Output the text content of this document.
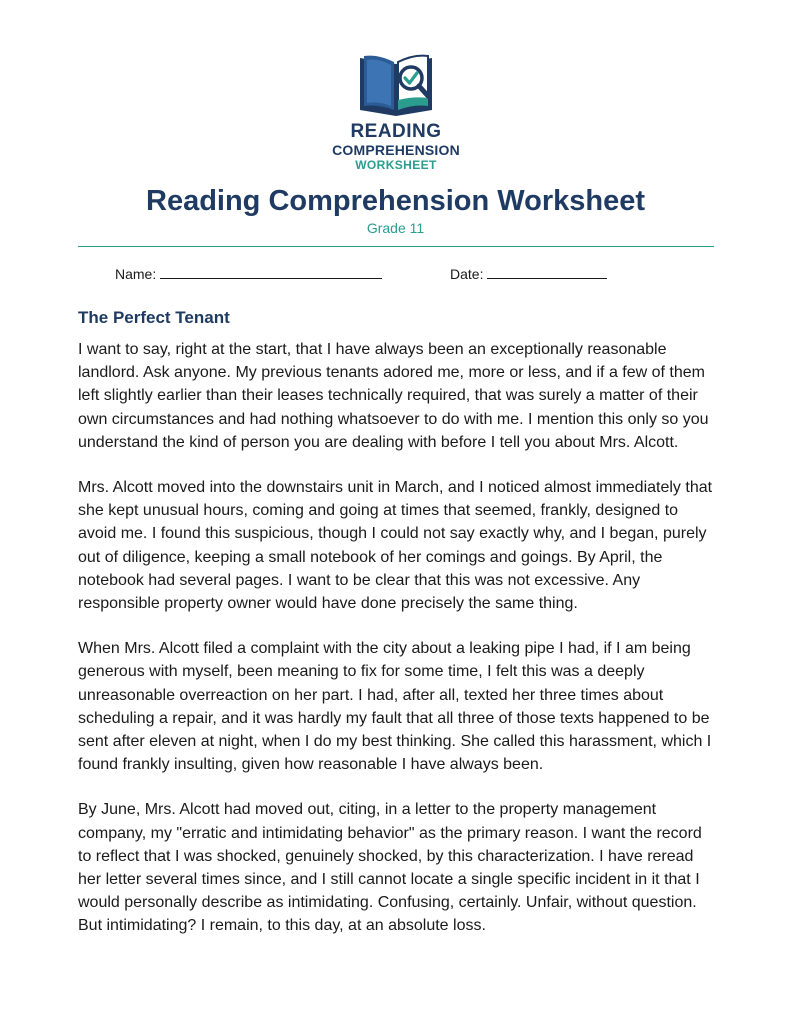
READING
COMPREHENSION
WORKSHEET
Reading Comprehension Worksheet
Grade 11
Name:	Date:
The Perfect Tenant

I want to say, right at the start, that I have always been an exceptionally reasonable landlord. Ask anyone. My previous tenants adored me, more or less, and if a few of them left slightly earlier than their leases technically required, that was surely a matter of their own circumstances and had nothing whatsoever to do with me. I mention this only so you understand the kind of person you are dealing with before I tell you about Mrs. Alcott.

Mrs. Alcott moved into the downstairs unit in March, and I noticed almost immediately that she kept unusual hours, coming and going at times that seemed, frankly, designed to avoid me. I found this suspicious, though I could not say exactly why, and I began, purely out of diligence, keeping a small notebook of her comings and goings. By April, the notebook had several pages. I want to be clear that this was not excessive. Any responsible property owner would have done precisely the same thing.

When Mrs. Alcott filed a complaint with the city about a leaking pipe I had, if I am being generous with myself, been meaning to fix for some time, I felt this was a deeply unreasonable overreaction on her part. I had, after all, texted her three times about scheduling a repair, and it was hardly my fault that all three of those texts happened to be sent after eleven at night, when I do my best thinking. She called this harassment, which I found frankly insulting, given how reasonable I have always been.

By June, Mrs. Alcott had moved out, citing, in a letter to the property management company, my "erratic and intimidating behavior" as the primary reason. I want the record to reflect that I was shocked, genuinely shocked, by this characterization. I have reread her letter several times since, and I still cannot locate a single specific incident in it that I would personally describe as intimidating. Confusing, certainly. Unfair, without question. But intimidating? I remain, to this day, at an absolute loss.
